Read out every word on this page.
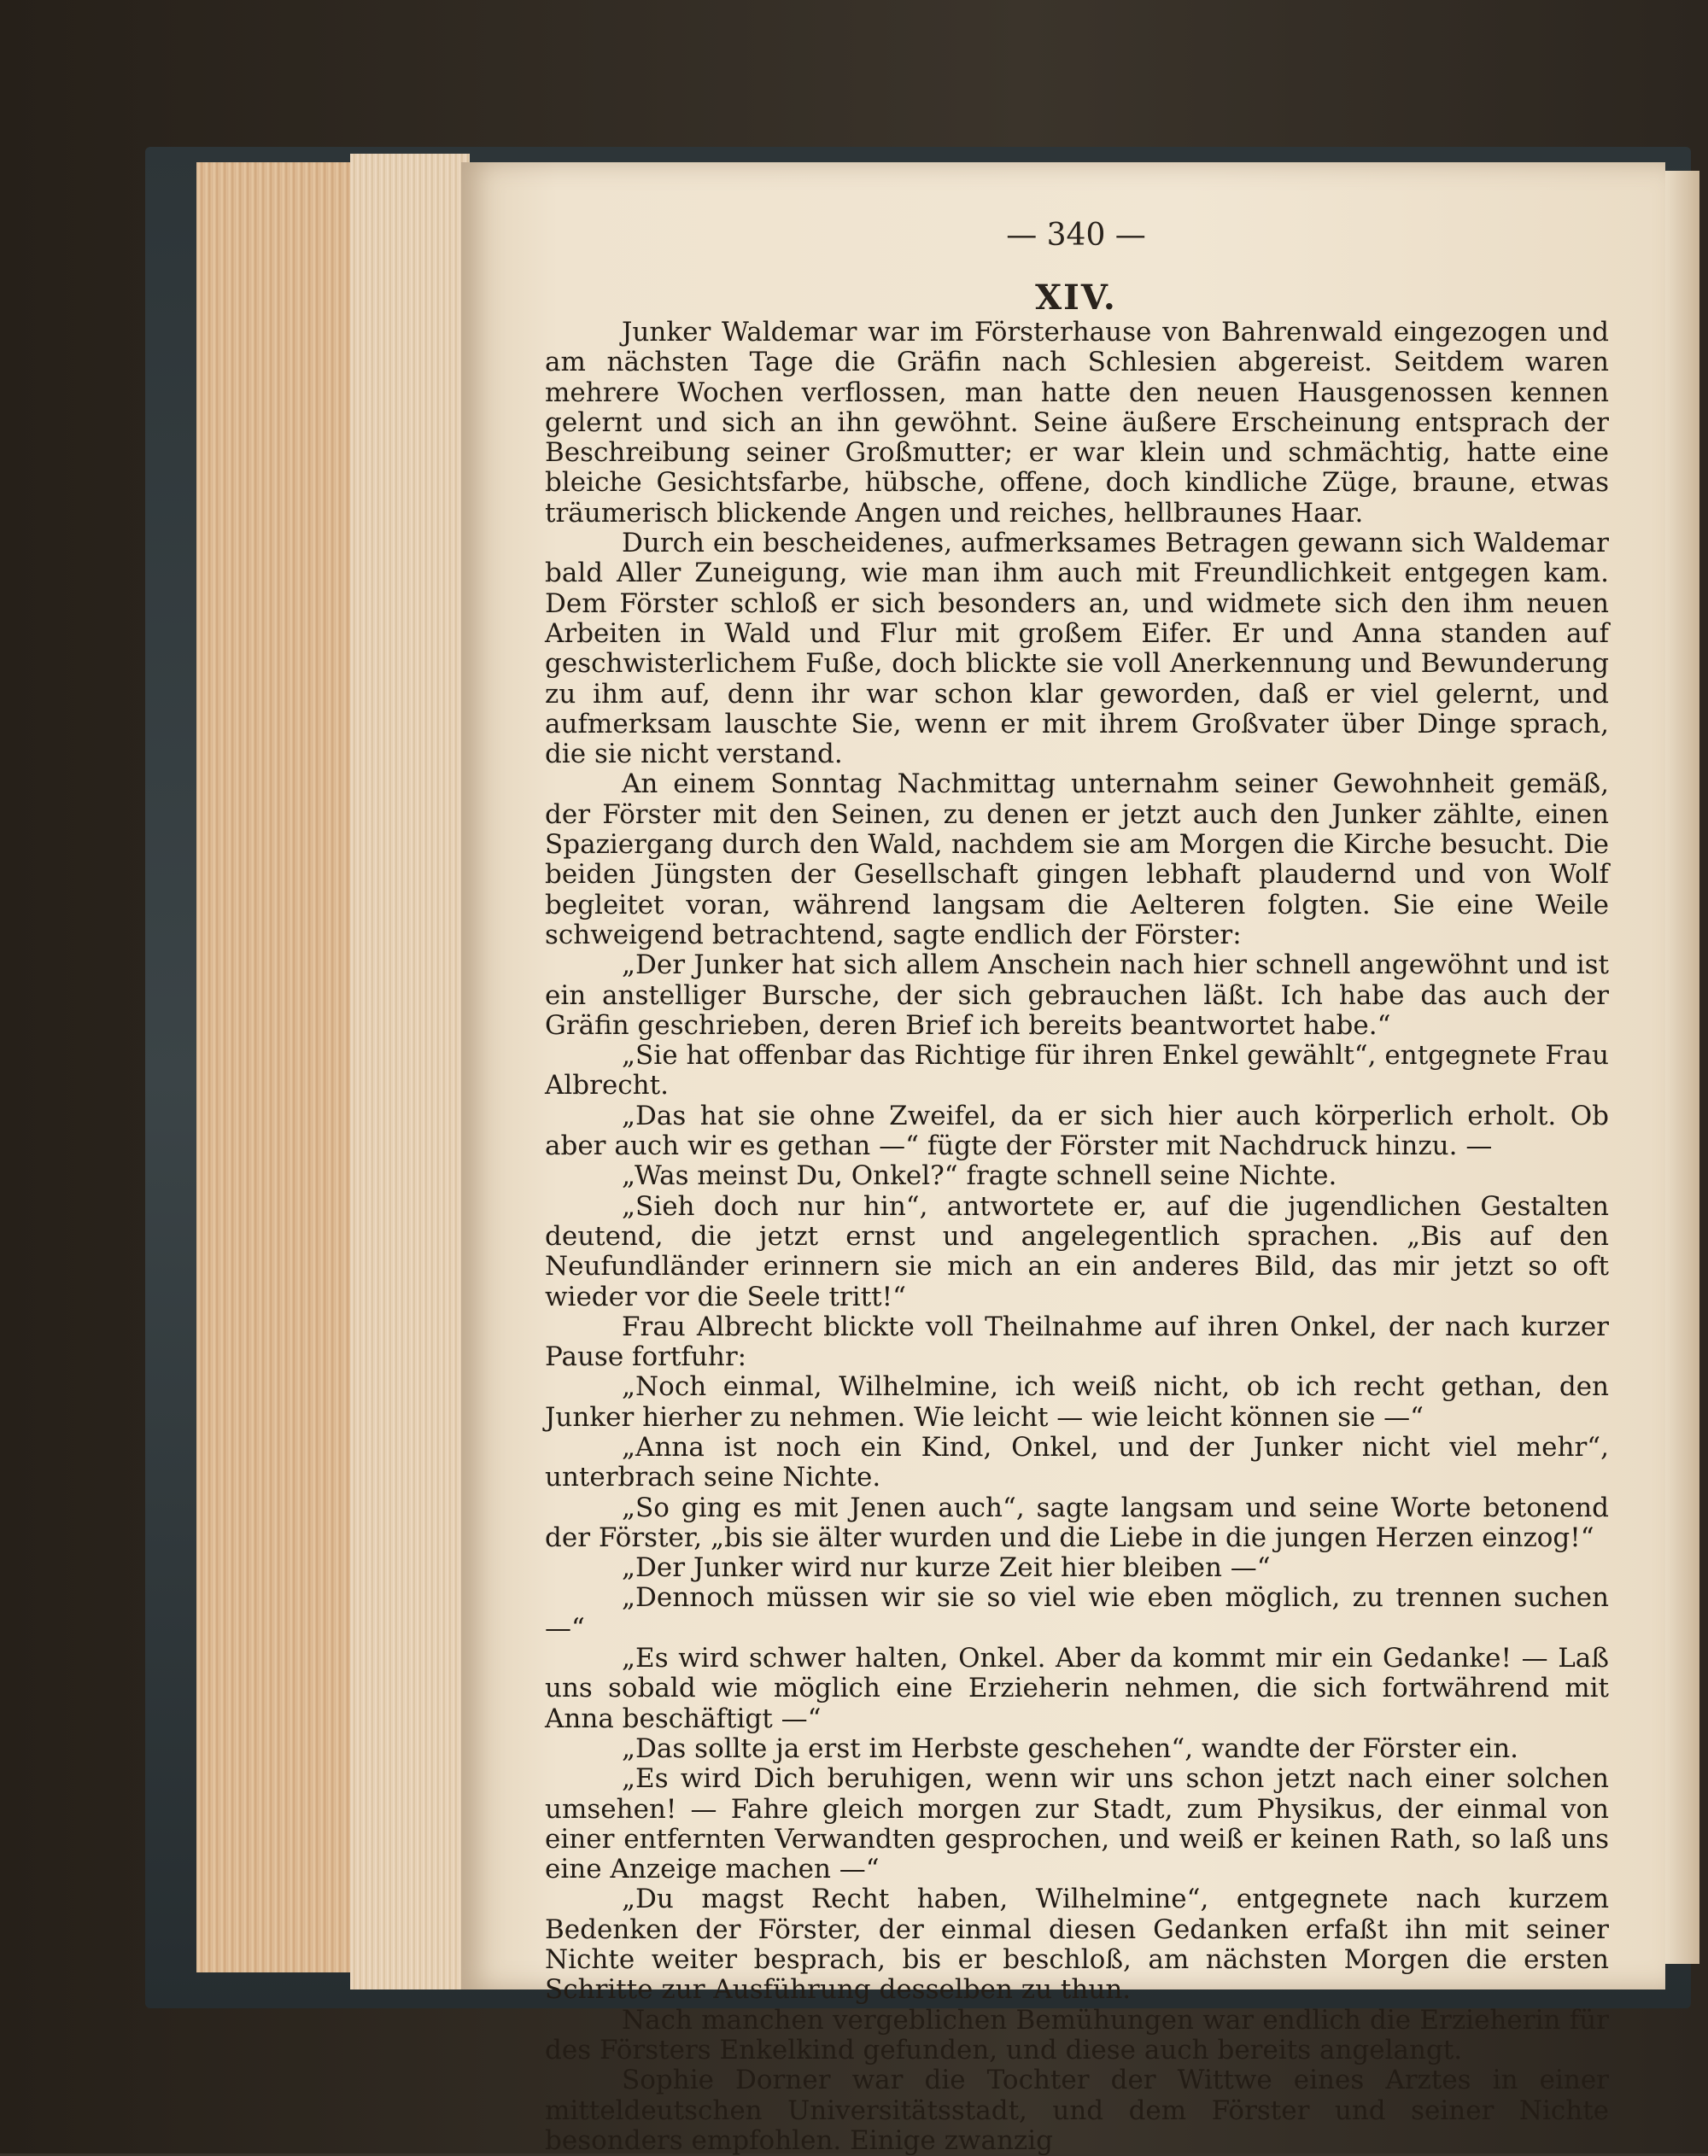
— 340 —
XIV.

Junker Waldemar war im Försterhause von Bahrenwald eingezogen und am nächsten Tage die Gräfin nach Schlesien abgereist. Seitdem waren mehrere Wochen verflossen, man hatte den neuen Hausgenossen kennen gelernt und sich an ihn gewöhnt. Seine äußere Erscheinung entsprach der Beschreibung seiner Großmutter; er war klein und schmächtig, hatte eine bleiche Gesichtsfarbe, hübsche, offene, doch kindliche Züge, braune, etwas träumerisch blickende Angen und reiches, hellbraunes Haar.

Durch ein bescheidenes, aufmerksames Betragen gewann sich Waldemar bald Aller Zuneigung, wie man ihm auch mit Freundlichkeit entgegen kam. Dem Förster schloß er sich besonders an, und widmete sich den ihm neuen Arbeiten in Wald und Flur mit großem Eifer. Er und Anna standen auf geschwisterlichem Fuße, doch blickte sie voll Anerkennung und Bewunderung zu ihm auf, denn ihr war schon klar geworden, daß er viel gelernt, und aufmerksam lauschte Sie, wenn er mit ihrem Großvater über Dinge sprach, die sie nicht verstand.

An einem Sonntag Nachmittag unternahm seiner Gewohnheit gemäß, der Förster mit den Seinen, zu denen er jetzt auch den Junker zählte, einen Spaziergang durch den Wald, nachdem sie am Morgen die Kirche besucht. Die beiden Jüngsten der Gesellschaft gingen lebhaft plaudernd und von Wolf begleitet voran, während langsam die Aelteren folgten. Sie eine Weile schweigend betrachtend, sagte endlich der Förster:

„Der Junker hat sich allem Anschein nach hier schnell angewöhnt und ist ein anstelliger Bursche, der sich gebrauchen läßt. Ich habe das auch der Gräfin geschrieben, deren Brief ich bereits beantwortet habe.“

„Sie hat offenbar das Richtige für ihren Enkel gewählt“, entgegnete Frau Albrecht.

„Das hat sie ohne Zweifel, da er sich hier auch körperlich erholt. Ob aber auch wir es gethan —“ fügte der Förster mit Nachdruck hinzu. —

„Was meinst Du, Onkel?“ fragte schnell seine Nichte.

„Sieh doch nur hin“, antwortete er, auf die jugendlichen Gestalten deutend, die jetzt ernst und angelegentlich sprachen. „Bis auf den Neufundländer erinnern sie mich an ein anderes Bild, das mir jetzt so oft wieder vor die Seele tritt!“

Frau Albrecht blickte voll Theilnahme auf ihren Onkel, der nach kurzer Pause fortfuhr:

„Noch einmal, Wilhelmine, ich weiß nicht, ob ich recht gethan, den Junker hierher zu nehmen. Wie leicht — wie leicht können sie —“

„Anna ist noch ein Kind, Onkel, und der Junker nicht viel mehr“, unterbrach seine Nichte.

„So ging es mit Jenen auch“, sagte langsam und seine Worte betonend der Förster, „bis sie älter wurden und die Liebe in die jungen Herzen einzog!“

„Der Junker wird nur kurze Zeit hier bleiben —“

„Dennoch müssen wir sie so viel wie eben möglich, zu trennen suchen —“

„Es wird schwer halten, Onkel. Aber da kommt mir ein Gedanke! — Laß uns sobald wie möglich eine Erzieherin nehmen, die sich fortwährend mit Anna beschäftigt —“

„Das sollte ja erst im Herbste geschehen“, wandte der Förster ein.

„Es wird Dich beruhigen, wenn wir uns schon jetzt nach einer solchen umsehen! — Fahre gleich morgen zur Stadt, zum Physikus, der einmal von einer entfernten Verwandten gesprochen, und weiß er keinen Rath, so laß uns eine Anzeige machen —“

„Du magst Recht haben, Wilhelmine“, entgegnete nach kurzem Bedenken der Förster, der einmal diesen Gedanken erfaßt ihn mit seiner Nichte weiter besprach, bis er beschloß, am nächsten Morgen die ersten Schritte zur Ausführung desselben zu thun.

Nach manchen vergeblichen Bemühungen war endlich die Erzieherin für des Försters Enkelkind gefunden, und diese auch bereits angelangt.

Sophie Dorner war die Tochter der Wittwe eines Arztes in einer mitteldeutschen Universitätsstadt, und dem Förster und seiner Nichte besonders empfohlen. Einige zwanzig
